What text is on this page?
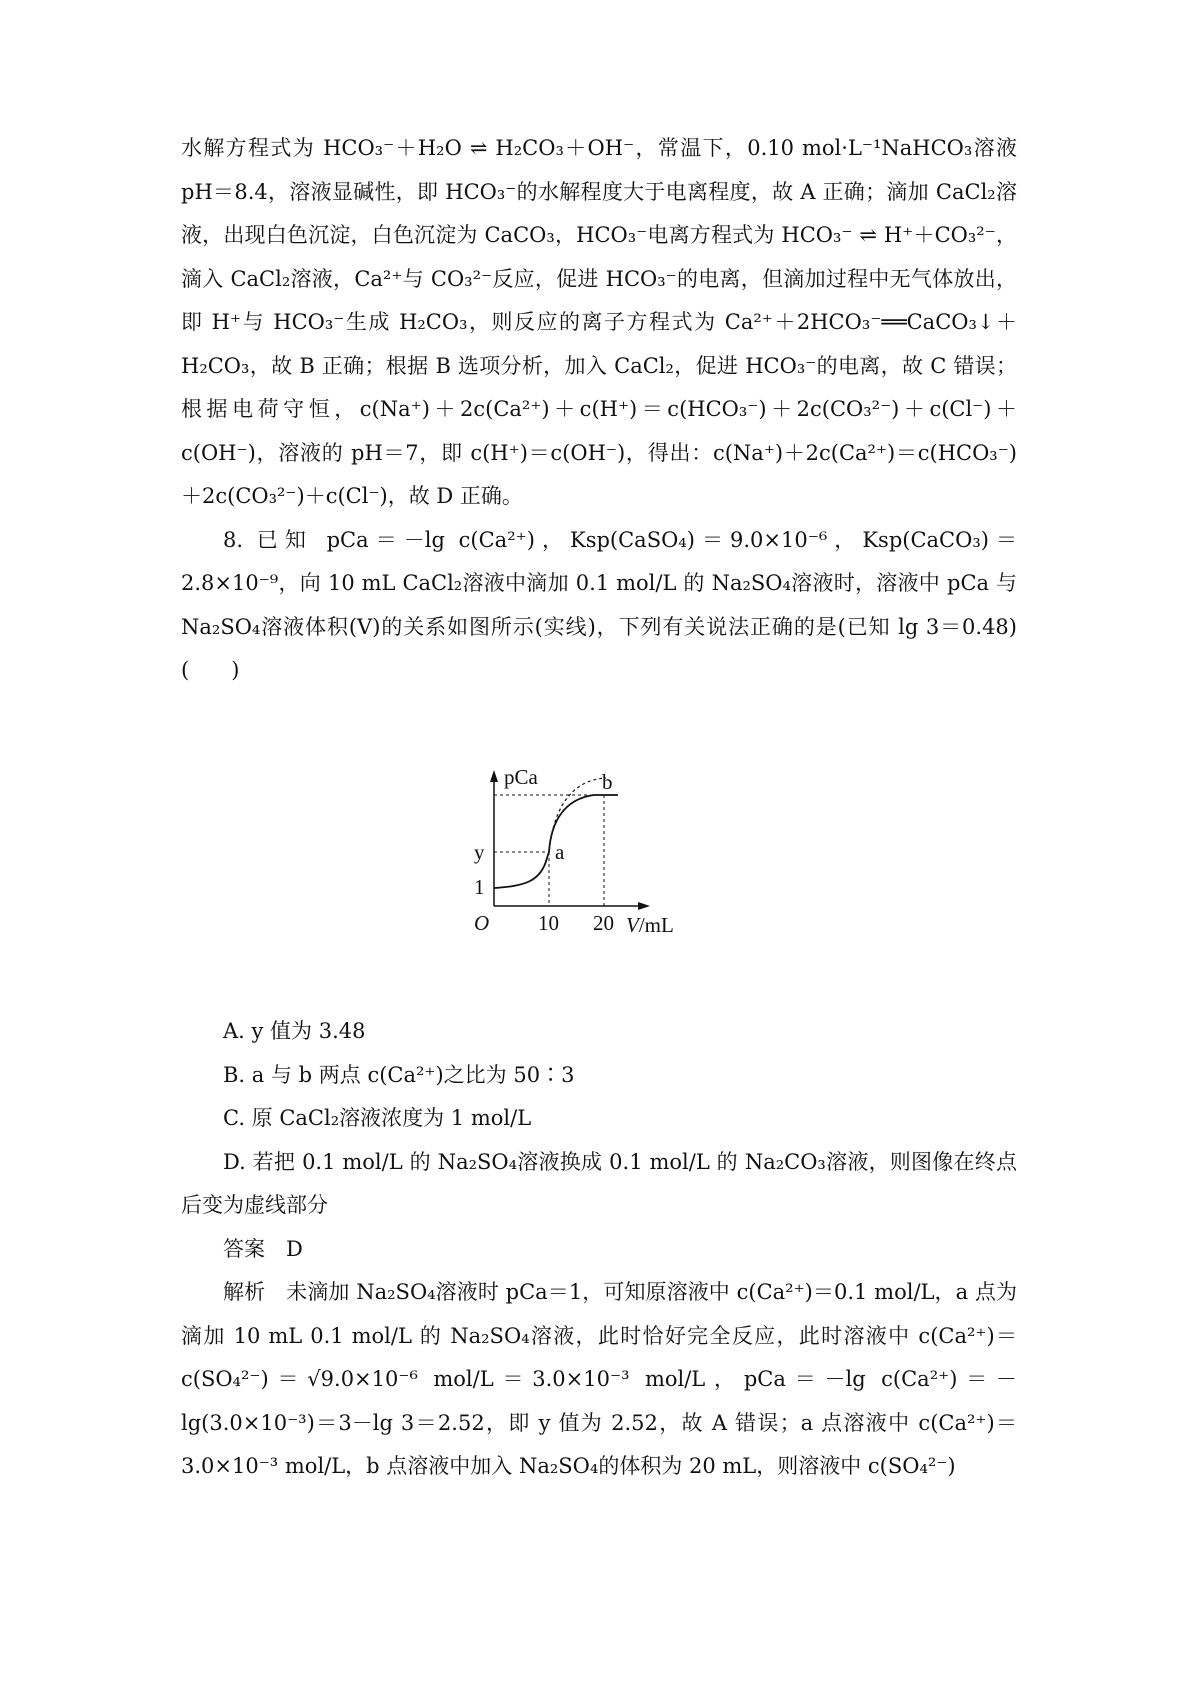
水解方程式为 HCO₃⁻＋H₂O ⇌ H₂CO₃＋OH⁻，常温下，0.10 mol·L⁻¹NaHCO₃溶液 pH＝8.4，溶液显碱性，即 HCO₃⁻的水解程度大于电离程度，故 A 正确；滴加 CaCl₂溶液，出现白色沉淀，白色沉淀为 CaCO₃，HCO₃⁻电离方程式为 HCO₃⁻ ⇌ H⁺＋CO₃²⁻，滴入 CaCl₂溶液，Ca²⁺与 CO₃²⁻反应，促进 HCO₃⁻的电离，但滴加过程中无气体放出，即 H⁺与 HCO₃⁻生成 H₂CO₃，则反应的离子方程式为 Ca²⁺＋2HCO₃⁻══CaCO₃↓＋H₂CO₃，故 B 正确；根据 B 选项分析，加入 CaCl₂，促进 HCO₃⁻的电离，故 C 错误；根据电荷守恒，c(Na⁺)＋2c(Ca²⁺)＋c(H⁺)＝c(HCO₃⁻)＋2c(CO₃²⁻)＋c(Cl⁻)＋c(OH⁻)，溶液的 pH＝7，即 c(H⁺)＝c(OH⁻)，得出：c(Na⁺)＋2c(Ca²⁺)＝c(HCO₃⁻)＋2c(CO₃²⁻)＋c(Cl⁻)，故 D 正确。

8. 已知 pCa＝－lg c(Ca²⁺)，Ksp(CaSO₄)＝9.0×10⁻⁶，Ksp(CaCO₃)＝2.8×10⁻⁹，向 10 mL CaCl₂溶液中滴加 0.1 mol/L 的 Na₂SO₄溶液时，溶液中 pCa 与 Na₂SO₄溶液体积(V)的关系如图所示(实线)，下列有关说法正确的是(已知 lg 3＝0.48)(　　)

pCa
V/mL
O
1
y
10 20
a
b

A. y 值为 3.48

B. a 与 b 两点 c(Ca²⁺)之比为 50∶3

C. 原 CaCl₂溶液浓度为 1 mol/L

D. 若把 0.1 mol/L 的 Na₂SO₄溶液换成 0.1 mol/L 的 Na₂CO₃溶液，则图像在终点后变为虚线部分

答案　D

解析　未滴加 Na₂SO₄溶液时 pCa＝1，可知原溶液中 c(Ca²⁺)＝0.1 mol/L，a 点为滴加 10 mL 0.1 mol/L 的 Na₂SO₄溶液，此时恰好完全反应，此时溶液中 c(Ca²⁺)＝c(SO₄²⁻)＝√9.0×10⁻⁶ mol/L＝3.0×10⁻³ mol/L，pCa＝－lg c(Ca²⁺)＝－lg(3.0×10⁻³)＝3－lg 3＝2.52，即 y 值为 2.52，故 A 错误；a 点溶液中 c(Ca²⁺)＝3.0×10⁻³ mol/L，b 点溶液中加入 Na₂SO₄的体积为 20 mL，则溶液中 c(SO₄²⁻)
